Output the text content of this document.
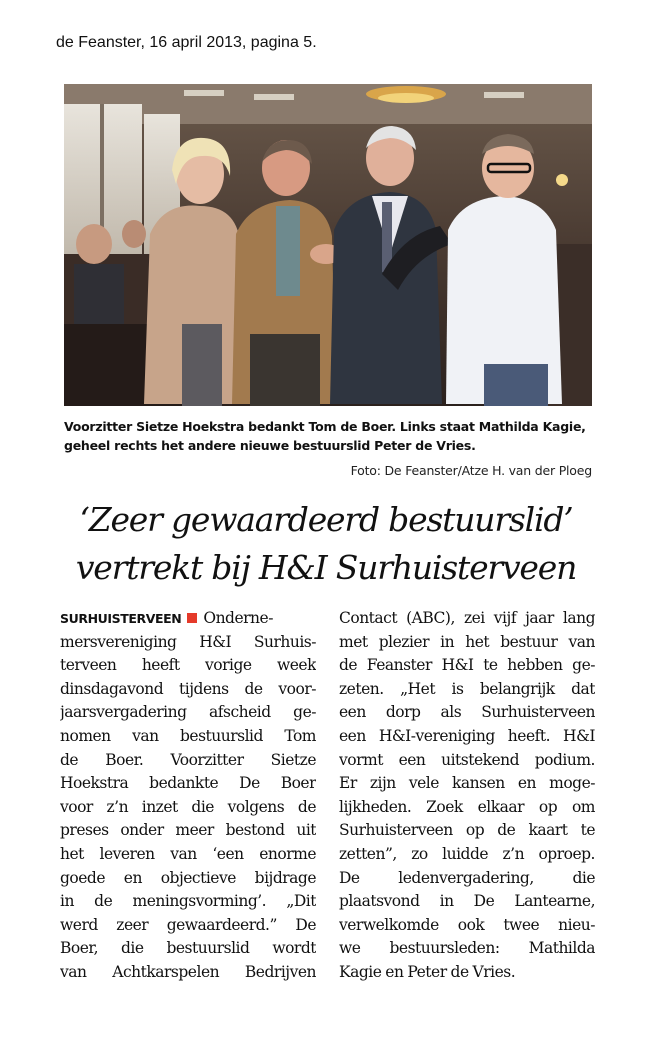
de Feanster, 16 april 2013, pagina 5.
Voorzitter Sietze Hoekstra bedankt Tom de Boer. Links staat Mathilda Kagie,
geheel rechts het andere nieuwe bestuurslid Peter de Vries.
Foto: De Feanster/Atze H. van der Ploeg
‘Zeer gewaardeerd bestuurslid’
vertrekt bij H&I Surhuisterveen
SURHUISTERVEEN Onderne-
mersvereniging H&I Surhuis-
terveen heeft vorige week
dinsdagavond tijdens de voor-
jaarsvergadering afscheid ge-
nomen van bestuurslid Tom
de Boer. Voorzitter Sietze
Hoekstra bedankte De Boer
voor z’n inzet die volgens de
preses onder meer bestond uit
het leveren van ‘een enorme
goede en objectieve bijdrage
in de meningsvorming’. „Dit
werd zeer gewaardeerd.” De
Boer, die bestuurslid wordt
van Achtkarspelen Bedrijven
Contact (ABC), zei vijf jaar lang
met plezier in het bestuur van
de Feanster H&I te hebben ge-
zeten. „Het is belangrijk dat
een dorp als Surhuisterveen
een H&I-vereniging heeft. H&I
vormt een uitstekend podium.
Er zijn vele kansen en moge-
lijkheden. Zoek elkaar op om
Surhuisterveen op de kaart te
zetten”, zo luidde z’n oproep.
De ledenvergadering, die
plaatsvond in De Lantearne,
verwelkomde ook twee nieu-
we bestuursleden: Mathilda
Kagie en Peter de Vries.
